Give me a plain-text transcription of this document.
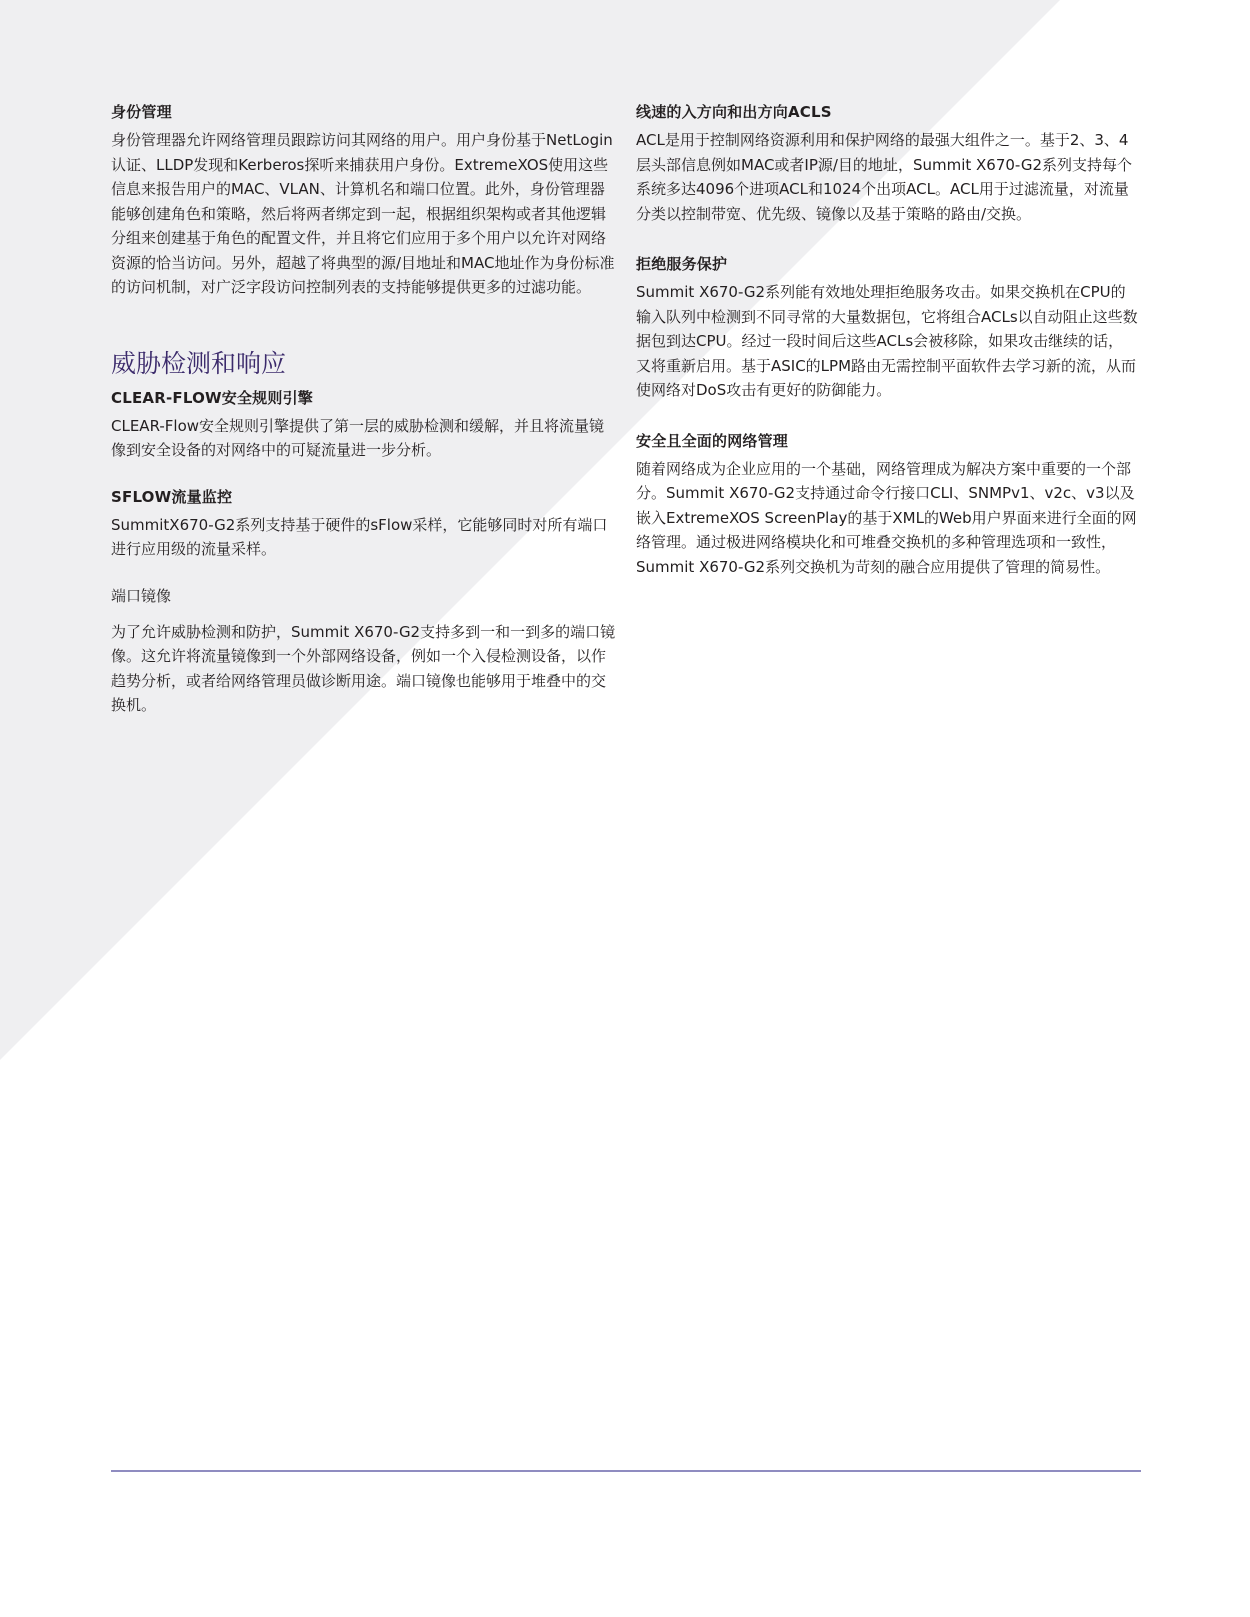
身份管理

身份管理器允许网络管理员跟踪访问其网络的用户。用户身份基于NetLogin认证、LLDP发现和Kerberos探听来捕获用户身份。ExtremeXOS使用这些信息来报告用户的MAC、VLAN、计算机名和端口位置。此外，身份管理器能够创建角色和策略，然后将两者绑定到一起，根据组织架构或者其他逻辑分组来创建基于角色的配置文件，并且将它们应用于多个用户以允许对网络资源的恰当访问。另外，超越了将典型的源/目地址和MAC地址作为身份标准的访问机制，对广泛字段访问控制列表的支持能够提供更多的过滤功能。

威胁检测和响应
CLEAR-FLOW安全规则引擎

CLEAR-Flow安全规则引擎提供了第一层的威胁检测和缓解，并且将流量镜像到安全设备的对网络中的可疑流量进一步分析。

SFLOW流量监控

SummitX670-G2系列支持基于硬件的sFlow采样，它能够同时对所有端口进行应用级的流量采样。

端口镜像

为了允许威胁检测和防护，Summit X670-G2支持多到一和一到多的端口镜像。这允许将流量镜像到一个外部网络设备，例如一个入侵检测设备，以作趋势分析，或者给网络管理员做诊断用途。端口镜像也能够用于堆叠中的交换机。

线速的入方向和出方向ACLS

ACL是用于控制网络资源利用和保护网络的最强大组件之一。基于2、3、4层头部信息例如MAC或者IP源/目的地址，Summit X670-G2系列支持每个系统多达4096个进项ACL和1024个出项ACL。ACL用于过滤流量，对流量分类以控制带宽、优先级、镜像以及基于策略的路由/交换。

拒绝服务保护

Summit X670-G2系列能有效地处理拒绝服务攻击。如果交换机在CPU的输入队列中检测到不同寻常的大量数据包，它将组合ACLs以自动阻止这些数据包到达CPU。经过一段时间后这些ACLs会被移除，如果攻击继续的话，又将重新启用。基于ASIC的LPM路由无需控制平面软件去学习新的流，从而使网络对DoS攻击有更好的防御能力。

安全且全面的网络管理

随着网络成为企业应用的一个基础，网络管理成为解决方案中重要的一个部分。Summit X670-G2支持通过命令行接口CLI、SNMPv1、v2c、v3以及嵌入ExtremeXOS ScreenPlay的基于XML的Web用户界面来进行全面的网络管理。通过极进网络模块化和可堆叠交换机的多种管理选项和一致性，Summit X670-G2系列交换机为苛刻的融合应用提供了管理的简易性。
